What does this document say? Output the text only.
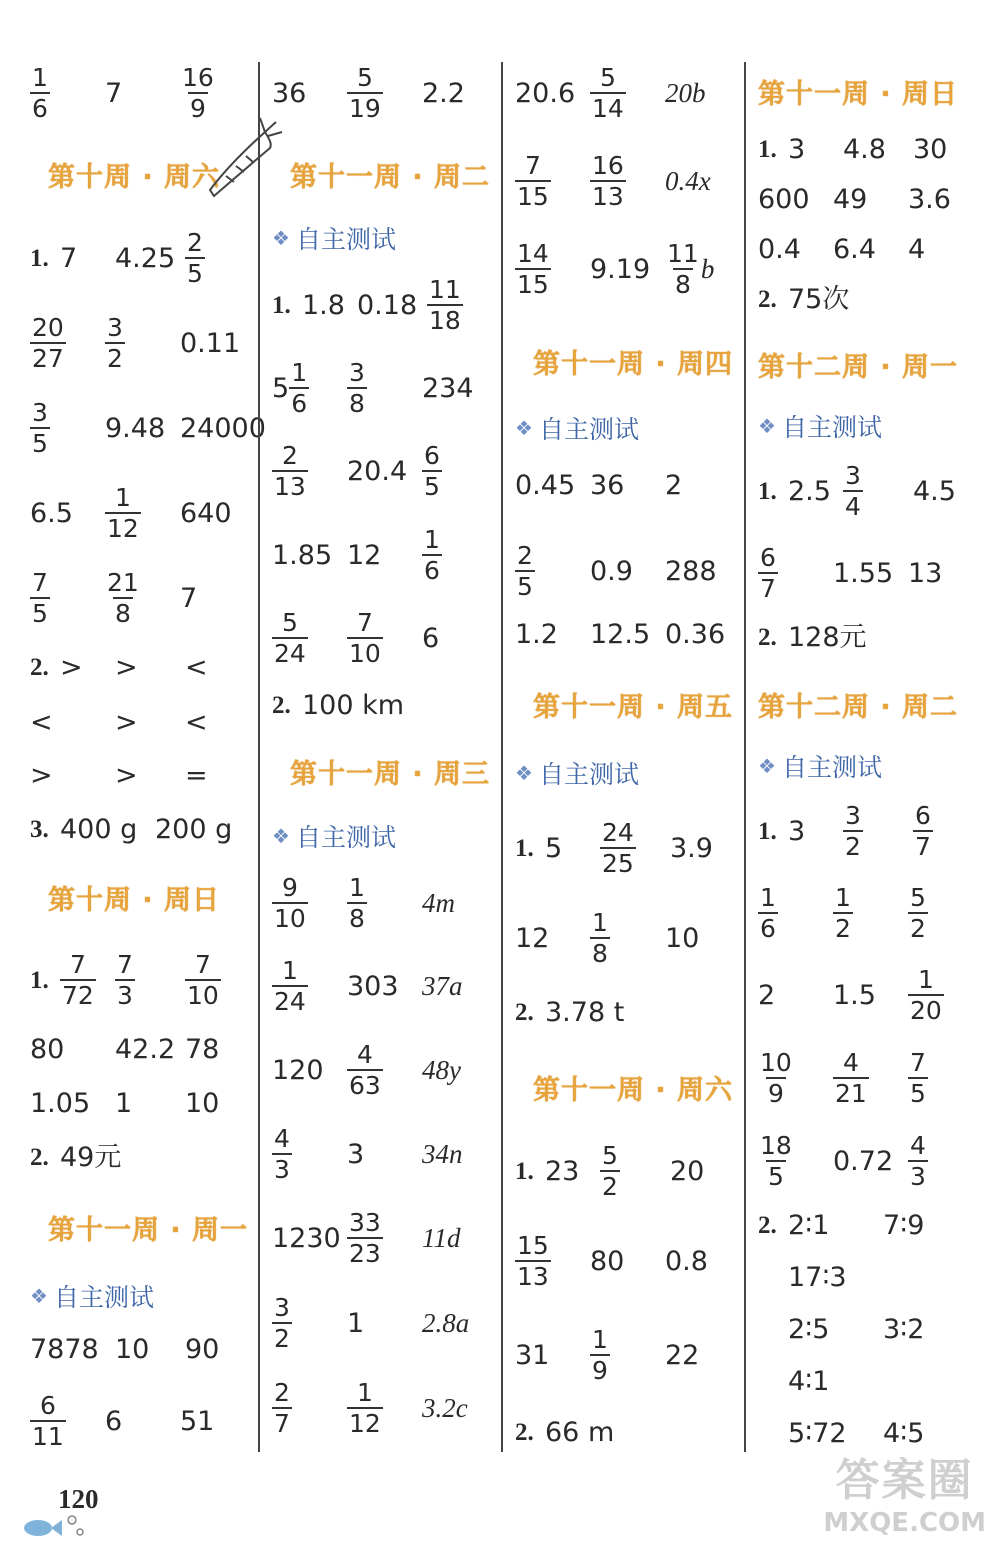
$\frac{1}{6} 7 \frac{16}{9}$
第十周 · 周六
1. 7 $4.25 \frac{2}{5}$
$\frac{20}{27} \frac{3}{2} 0.11$
$\frac{3}{5} 9.48$ 24000
$6.5 \frac{1}{12} 640$
$\frac{7}{5} \frac{21}{8} 7$
2. > > <
< > <
> > =
3. 400 g 200 g
第十周 · 周日
1. $\frac{7}{72} \frac{7}{3} \frac{7}{10}$
80 42.2 78
1.05 1 10
2. 49元
第十一周 · 周一
❖ 自主测试
7878 10 90
$\frac{6}{11} 6$ 51
$36 \frac{5}{19} 2.2$
第十一周 · 周二
❖ 自主测试
1. 1.8 $0.18 \frac{11}{18}$
$5 \frac{1}{6} \frac{3}{8} 234$
$\frac{2}{13} 20.4 \frac{6}{5}$
1.85 $12 \frac{1}{6}$
$\frac{5}{24} \frac{7}{10} 6$
2. 100 km
第十一周 · 周三
❖ 自主测试
$\frac{9}{10} \frac{1}{8} 4m$
$\frac{1}{24} 303$ 37a
$120 \frac{4}{63} 48y$
$\frac{4}{3} 3$ 34n
$1230 \frac{33}{23} 11d$
$\frac{3}{2} 1$ 2.8a
$\frac{2}{7} \frac{1}{12} 3.2c$
$20.6 \frac{5}{14} 20b$
$\frac{7}{15} \frac{16}{13} 0.4x$
$\frac{14}{15} 9.19 \frac{11}{8}$ b
第十一周 · 周四
❖ 自主测试
0.45 36 2
$\frac{2}{5} 0.9$ 288
1.2 12.5 0.36
第十一周 · 周五
❖ 自主测试
1. $5 \frac{24}{25} 3.9$
$12 \frac{1}{8} 10$
2. 3.78 t
第十一周 · 周六
1. $23 \frac{5}{2} 20$
$\frac{15}{13} 80$ 0.8
$31 \frac{1}{9} 22$
2. 66 m
第十一周 · 周日
1. 3 4.8 30
600 49 3.6
0.4 6.4 4
2. 75次
第十二周 · 周一
❖ 自主测试
1. $2.5 \frac{3}{4} 4.5$
$\frac{6}{7} 1.55$ 13
2. 128元
第十二周 · 周二
❖ 自主测试
1. $3 \frac{3}{2} \frac{6}{7}$
$\frac{1}{6} \frac{1}{2} \frac{5}{2}$
2 $1.5 \frac{1}{20}$
$\frac{10}{9} \frac{4}{21} \frac{7}{5}$
$\frac{18}{5} 0.72 \frac{4}{3}$
2. 2∶1 7∶9
17∶3
2∶5 3∶2
4∶1
5∶72 4∶5
120	答案圈
MXQE.COM
